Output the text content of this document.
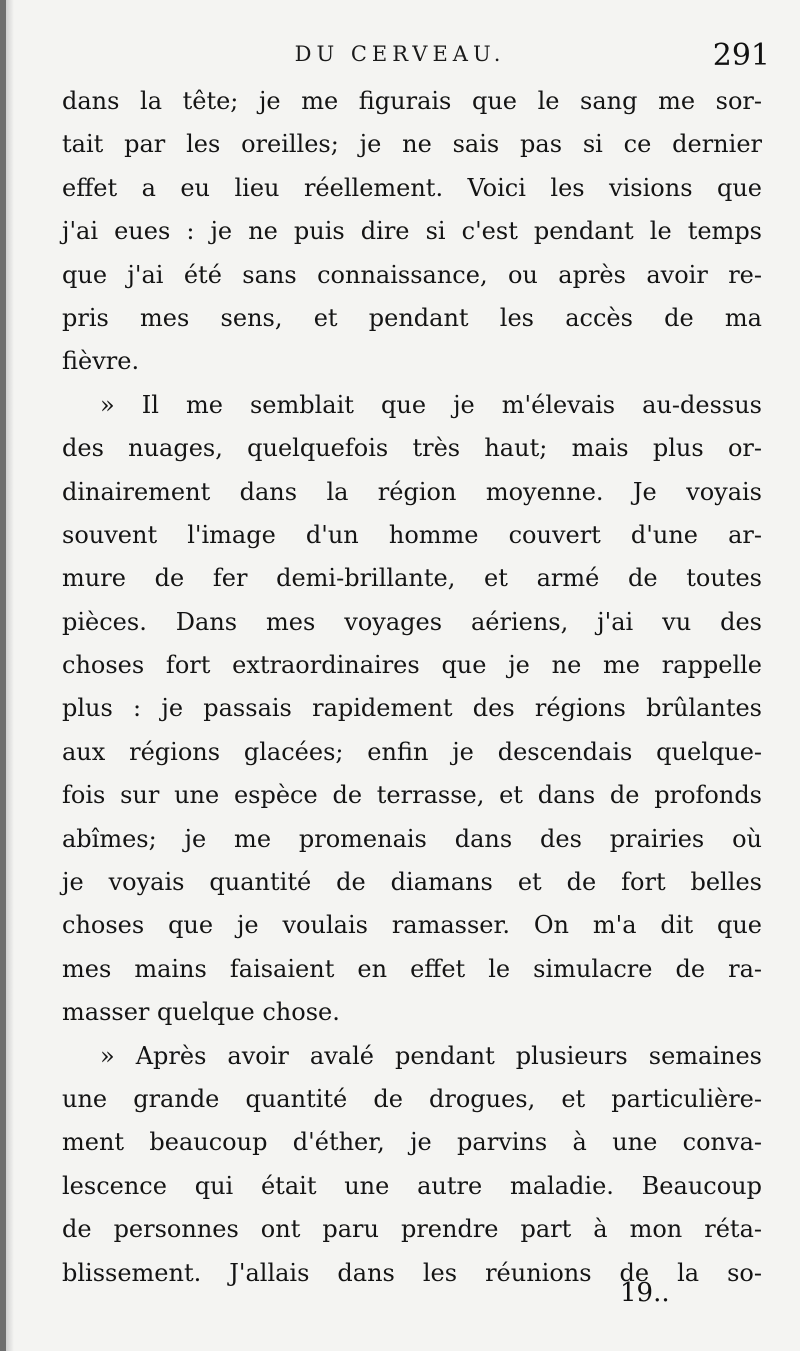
DU CERVEAU.	291
dans la tête; je me figurais que le sang me sor-
tait par les oreilles; je ne sais pas si ce dernier
effet a eu lieu réellement. Voici les visions que
j'ai eues : je ne puis dire si c'est pendant le temps
que j'ai été sans connaissance, ou après avoir re-
pris mes sens, et pendant les accès de ma
fièvre.
» Il me semblait que je m'élevais au-dessus
des nuages, quelquefois très haut; mais plus or-
dinairement dans la région moyenne. Je voyais
souvent l'image d'un homme couvert d'une ar-
mure de fer demi-brillante, et armé de toutes
pièces. Dans mes voyages aériens, j'ai vu des
choses fort extraordinaires que je ne me rappelle
plus : je passais rapidement des régions brûlantes
aux régions glacées; enfin je descendais quelque-
fois sur une espèce de terrasse, et dans de profonds
abîmes; je me promenais dans des prairies où
je voyais quantité de diamans et de fort belles
choses que je voulais ramasser. On m'a dit que
mes mains faisaient en effet le simulacre de ra-
masser quelque chose.
» Après avoir avalé pendant plusieurs semaines
une grande quantité de drogues, et particulière-
ment beaucoup d'éther, je parvins à une conva-
lescence qui était une autre maladie. Beaucoup
de personnes ont paru prendre part à mon réta-
blissement. J'allais dans les réunions de la so-
19..
